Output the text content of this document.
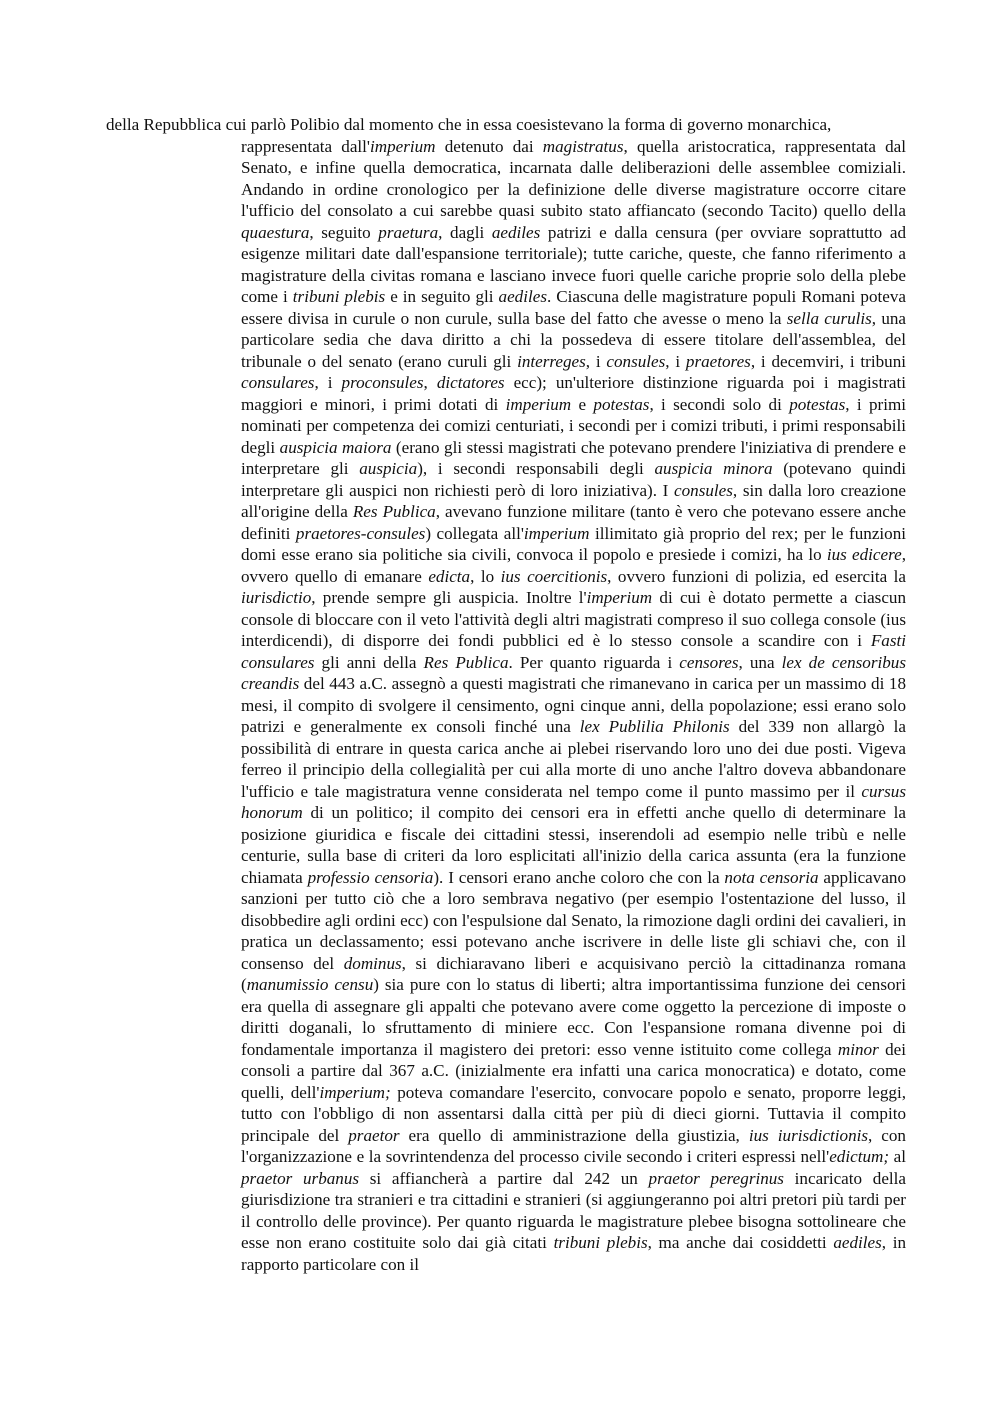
della Repubblica cui parlò Polibio dal momento che in essa coesistevano la forma di governo monarchica,

rappresentata dall'imperium detenuto dai magistratus, quella aristocratica, rappresentata dal Senato, e infine quella democratica, incarnata dalle deliberazioni delle assemblee comiziali. Andando in ordine cronologico per la definizione delle diverse magistrature occorre citare l'ufficio del consolato a cui sarebbe quasi subito stato affiancato (secondo Tacito) quello della quaestura, seguito praetura, dagli aediles patrizi e dalla censura (per ovviare soprattutto ad esigenze militari date dall'espansione territoriale); tutte cariche, queste, che fanno riferimento a magistrature della civitas romana e lasciano invece fuori quelle cariche proprie solo della plebe come i tribuni plebis e in seguito gli aediles. Ciascuna delle magistrature populi Romani poteva essere divisa in curule o non curule, sulla base del fatto che avesse o meno la sella curulis, una particolare sedia che dava diritto a chi la possedeva di essere titolare dell'assemblea, del tribunale o del senato (erano curuli gli interreges, i consules, i praetores, i decemviri, i tribuni consulares, i proconsules, dictatores ecc); un'ulteriore distinzione riguarda poi i magistrati maggiori e minori, i primi dotati di imperium e potestas, i secondi solo di potestas, i primi nominati per competenza dei comizi centuriati, i secondi per i comizi tributi, i primi responsabili degli auspicia maiora (erano gli stessi magistrati che potevano prendere l'iniziativa di prendere e interpretare gli auspicia), i secondi responsabili degli auspicia minora (potevano quindi interpretare gli auspici non richiesti però di loro iniziativa). I consules, sin dalla loro creazione all'origine della Res Publica, avevano funzione militare (tanto è vero che potevano essere anche definiti praetores-consules) collegata all'imperium illimitato già proprio del rex; per le funzioni domi esse erano sia politiche sia civili, convoca il popolo e presiede i comizi, ha lo ius edicere, ovvero quello di emanare edicta, lo ius coercitionis, ovvero funzioni di polizia, ed esercita la iurisdictio, prende sempre gli auspicia. Inoltre l'imperium di cui è dotato permette a ciascun console di bloccare con il veto l'attività degli altri magistrati compreso il suo collega console (ius interdicendi), di disporre dei fondi pubblici ed è lo stesso console a scandire con i Fasti consulares gli anni della Res Publica. Per quanto riguarda i censores, una lex de censoribus creandis del 443 a.C. assegnò a questi magistrati che rimanevano in carica per un massimo di 18 mesi, il compito di svolgere il censimento, ogni cinque anni, della popolazione; essi erano solo patrizi e generalmente ex consoli finché una lex Publilia Philonis del 339 non allargò la possibilità di entrare in questa carica anche ai plebei riservando loro uno dei due posti. Vigeva ferreo il principio della collegialità per cui alla morte di uno anche l'altro doveva abbandonare l'ufficio e tale magistratura venne considerata nel tempo come il punto massimo per il cursus honorum di un politico; il compito dei censori era in effetti anche quello di determinare la posizione giuridica e fiscale dei cittadini stessi, inserendoli ad esempio nelle tribù e nelle centurie, sulla base di criteri da loro esplicitati all'inizio della carica assunta (era la funzione chiamata professio censoria). I censori erano anche coloro che con la nota censoria applicavano sanzioni per tutto ciò che a loro sembrava negativo (per esempio l'ostentazione del lusso, il disobbedire agli ordini ecc) con l'espulsione dal Senato, la rimozione dagli ordini dei cavalieri, in pratica un declassamento; essi potevano anche iscrivere in delle liste gli schiavi che, con il consenso del dominus, si dichiaravano liberi e acquisivano perciò la cittadinanza romana (manumissio censu) sia pure con lo status di liberti; altra importantissima funzione dei censori era quella di assegnare gli appalti che potevano avere come oggetto la percezione di imposte o diritti doganali, lo sfruttamento di miniere ecc. Con l'espansione romana divenne poi di fondamentale importanza il magistero dei pretori: esso venne istituito come collega minor dei consoli a partire dal 367 a.C. (inizialmente era infatti una carica monocratica) e dotato, come quelli, dell'imperium; poteva comandare l'esercito, convocare popolo e senato, proporre leggi, tutto con l'obbligo di non assentarsi dalla città per più di dieci giorni. Tuttavia il compito principale del praetor era quello di amministrazione della giustizia, ius iurisdictionis, con l'organizzazione e la sovrintendenza del processo civile secondo i criteri espressi nell'edictum; al praetor urbanus si affiancherà a partire dal 242 un praetor peregrinus incaricato della giurisdizione tra stranieri e tra cittadini e stranieri (si aggiungeranno poi altri pretori più tardi per il controllo delle province). Per quanto riguarda le magistrature plebee bisogna sottolineare che esse non erano costituite solo dai già citati tribuni plebis, ma anche dai cosiddetti aediles, in rapporto particolare con il
